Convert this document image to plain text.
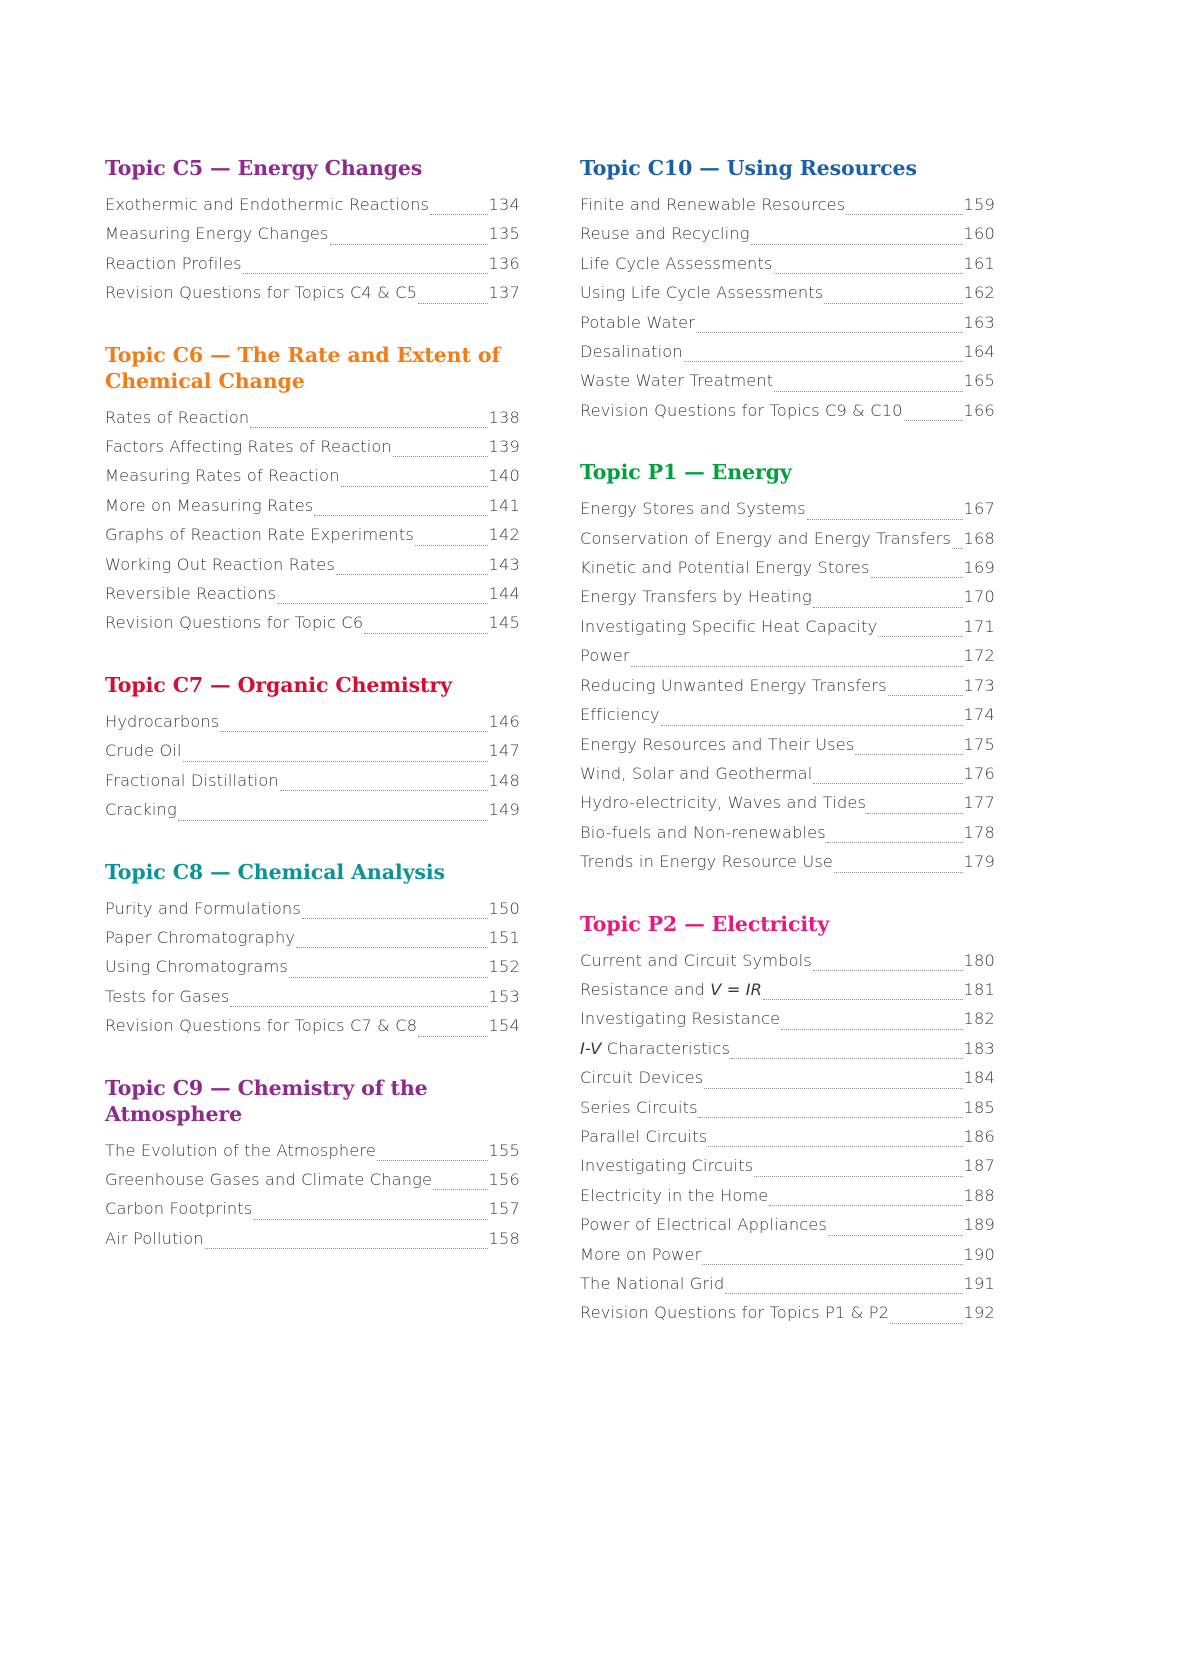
Topic C5 — Energy Changes
Exothermic and Endothermic Reactions	134
Measuring Energy Changes	135
Reaction Profiles	136
Revision Questions for Topics C4 & C5	137
Topic C6 — The Rate and Extent of
Chemical Change
Rates of Reaction	138
Factors Affecting Rates of Reaction	139
Measuring Rates of Reaction	140
More on Measuring Rates	141
Graphs of Reaction Rate Experiments	142
Working Out Reaction Rates	143
Reversible Reactions	144
Revision Questions for Topic C6	145
Topic C7 — Organic Chemistry
Hydrocarbons	146
Crude Oil	147
Fractional Distillation	148
Cracking	149
Topic C8 — Chemical Analysis
Purity and Formulations	150
Paper Chromatography	151
Using Chromatograms	152
Tests for Gases	153
Revision Questions for Topics C7 & C8	154
Topic C9 — Chemistry of the
Atmosphere
The Evolution of the Atmosphere	155
Greenhouse Gases and Climate Change	156
Carbon Footprints	157
Air Pollution	158
Topic C10 — Using Resources
Finite and Renewable Resources	159
Reuse and Recycling	160
Life Cycle Assessments	161
Using Life Cycle Assessments	162
Potable Water	163
Desalination	164
Waste Water Treatment	165
Revision Questions for Topics C9 & C10	166
Topic P1 — Energy
Energy Stores and Systems	167
Conservation of Energy and Energy Transfers 168
Kinetic and Potential Energy Stores	169
Energy Transfers by Heating	170
Investigating Specific Heat Capacity	171
Power	172
Reducing Unwanted Energy Transfers	173
Efficiency	174
Energy Resources and Their Uses	175
Wind, Solar and Geothermal	176
Hydro-electricity, Waves and Tides	177
Bio-fuels and Non-renewables	178
Trends in Energy Resource Use	179
Topic P2 — Electricity
Current and Circuit Symbols	180
Resistance and V = IR	181
Investigating Resistance	182
I-V Characteristics	183
Circuit Devices	184
Series Circuits	185
Parallel Circuits	186
Investigating Circuits	187
Electricity in the Home	188
Power of Electrical Appliances	189
More on Power	190
The National Grid	191
Revision Questions for Topics P1 & P2	192
